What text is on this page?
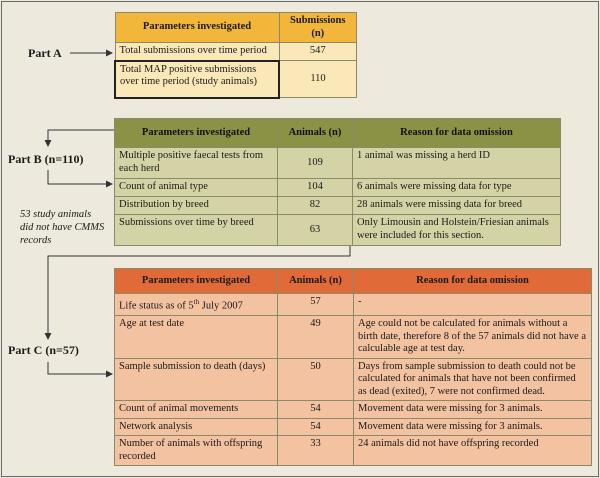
Part A
Part B (n=110)
Part C (n=57)
53 study animals did not have CMMS records
Parameters investigated	Submissions (n)
Total submissions over time period	547
Total MAP positive submissions over time period (study animals)	110
Parameters investigated	Animals (n)	Reason for data omission
Multiple positive faecal tests from each herd	109	1 animal was missing a herd ID
Count of animal type	104	6 animals were missing data for type
Distribution by breed	82	28 animals were missing data for breed
Submissions over time by breed	63	Only Limousin and Holstein/Friesian animals were included for this section.
Parameters investigated	Animals (n)	Reason for data omission
Life status as of 5th July 2007	57	-
Age at test date	49	Age could not be calculated for animals without a birth date, therefore 8 of the 57 animals did not have a calculable age at test day.
Sample submission to death (days)	50	Days from sample submission to death could not be calculated for animals that have not been confirmed as dead (exited), 7 were not confirmed dead.
Count of animal movements	54	Movement data were missing for 3 animals.
Network analysis	54	Movement data were missing for 3 animals.
Number of animals with offspring recorded	33	24 animals did not have offspring recorded
